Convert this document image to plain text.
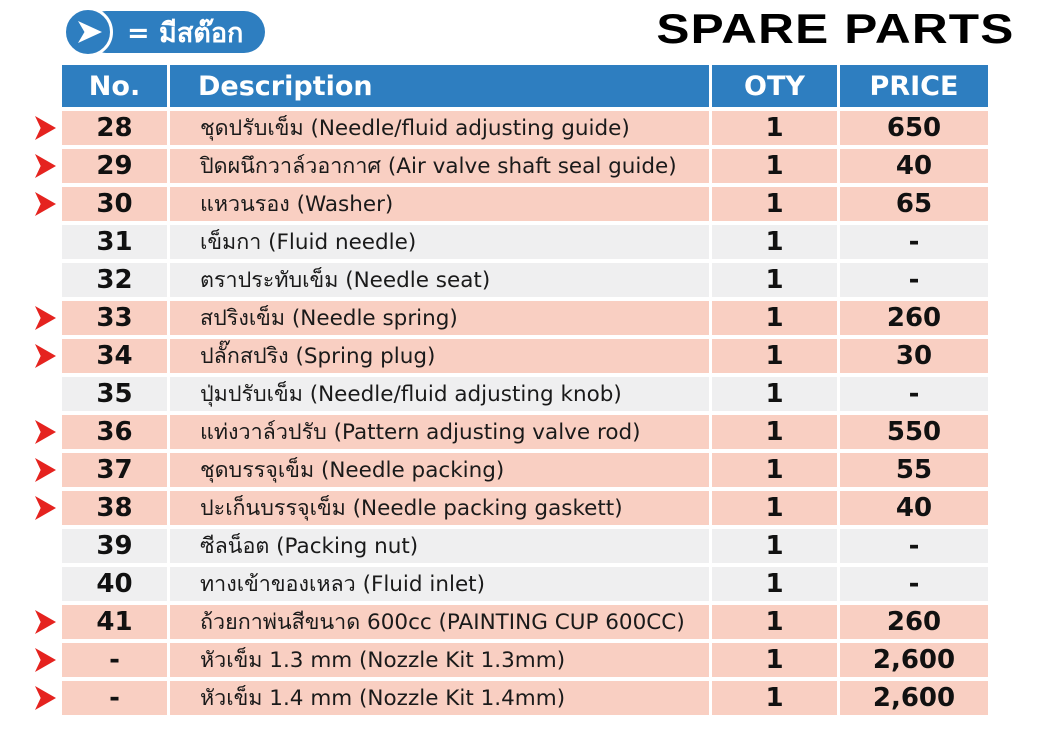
= มีสต๊อก	SPARE PARTS
No.	Description	OTY	PRICE
28	ชุดปรับเข็ม (Needle/fluid adjusting guide)	1	650
29	ปิดผนึกวาล์วอากาศ (Air valve shaft seal guide)	1	40
30	แหวนรอง (Washer)	1	65
31	เข็มกา (Fluid needle)	1	-
32	ตราประทับเข็ม (Needle seat)	1	-
33	สปริงเข็ม (Needle spring)	1	260
34	ปลั๊กสปริง (Spring plug)	1	30
35	ปุ่มปรับเข็ม (Needle/fluid adjusting knob)	1	-
36	แท่งวาล์วปรับ (Pattern adjusting valve rod)	1	550
37	ชุดบรรจุเข็ม (Needle packing)	1	55
38	ปะเก็นบรรจุเข็ม (Needle packing gaskett)	1	40
39	ซีลน็อต (Packing nut)	1	-
40	ทางเข้าของเหลว (Fluid inlet)	1	-
41	ถ้วยกาพ่นสีขนาด 600cc (PAINTING CUP 600CC)	1	260
-	หัวเข็ม 1.3 mm (Nozzle Kit 1.3mm)	1	2,600
-	หัวเข็ม 1.4 mm (Nozzle Kit 1.4mm)	1	2,600
